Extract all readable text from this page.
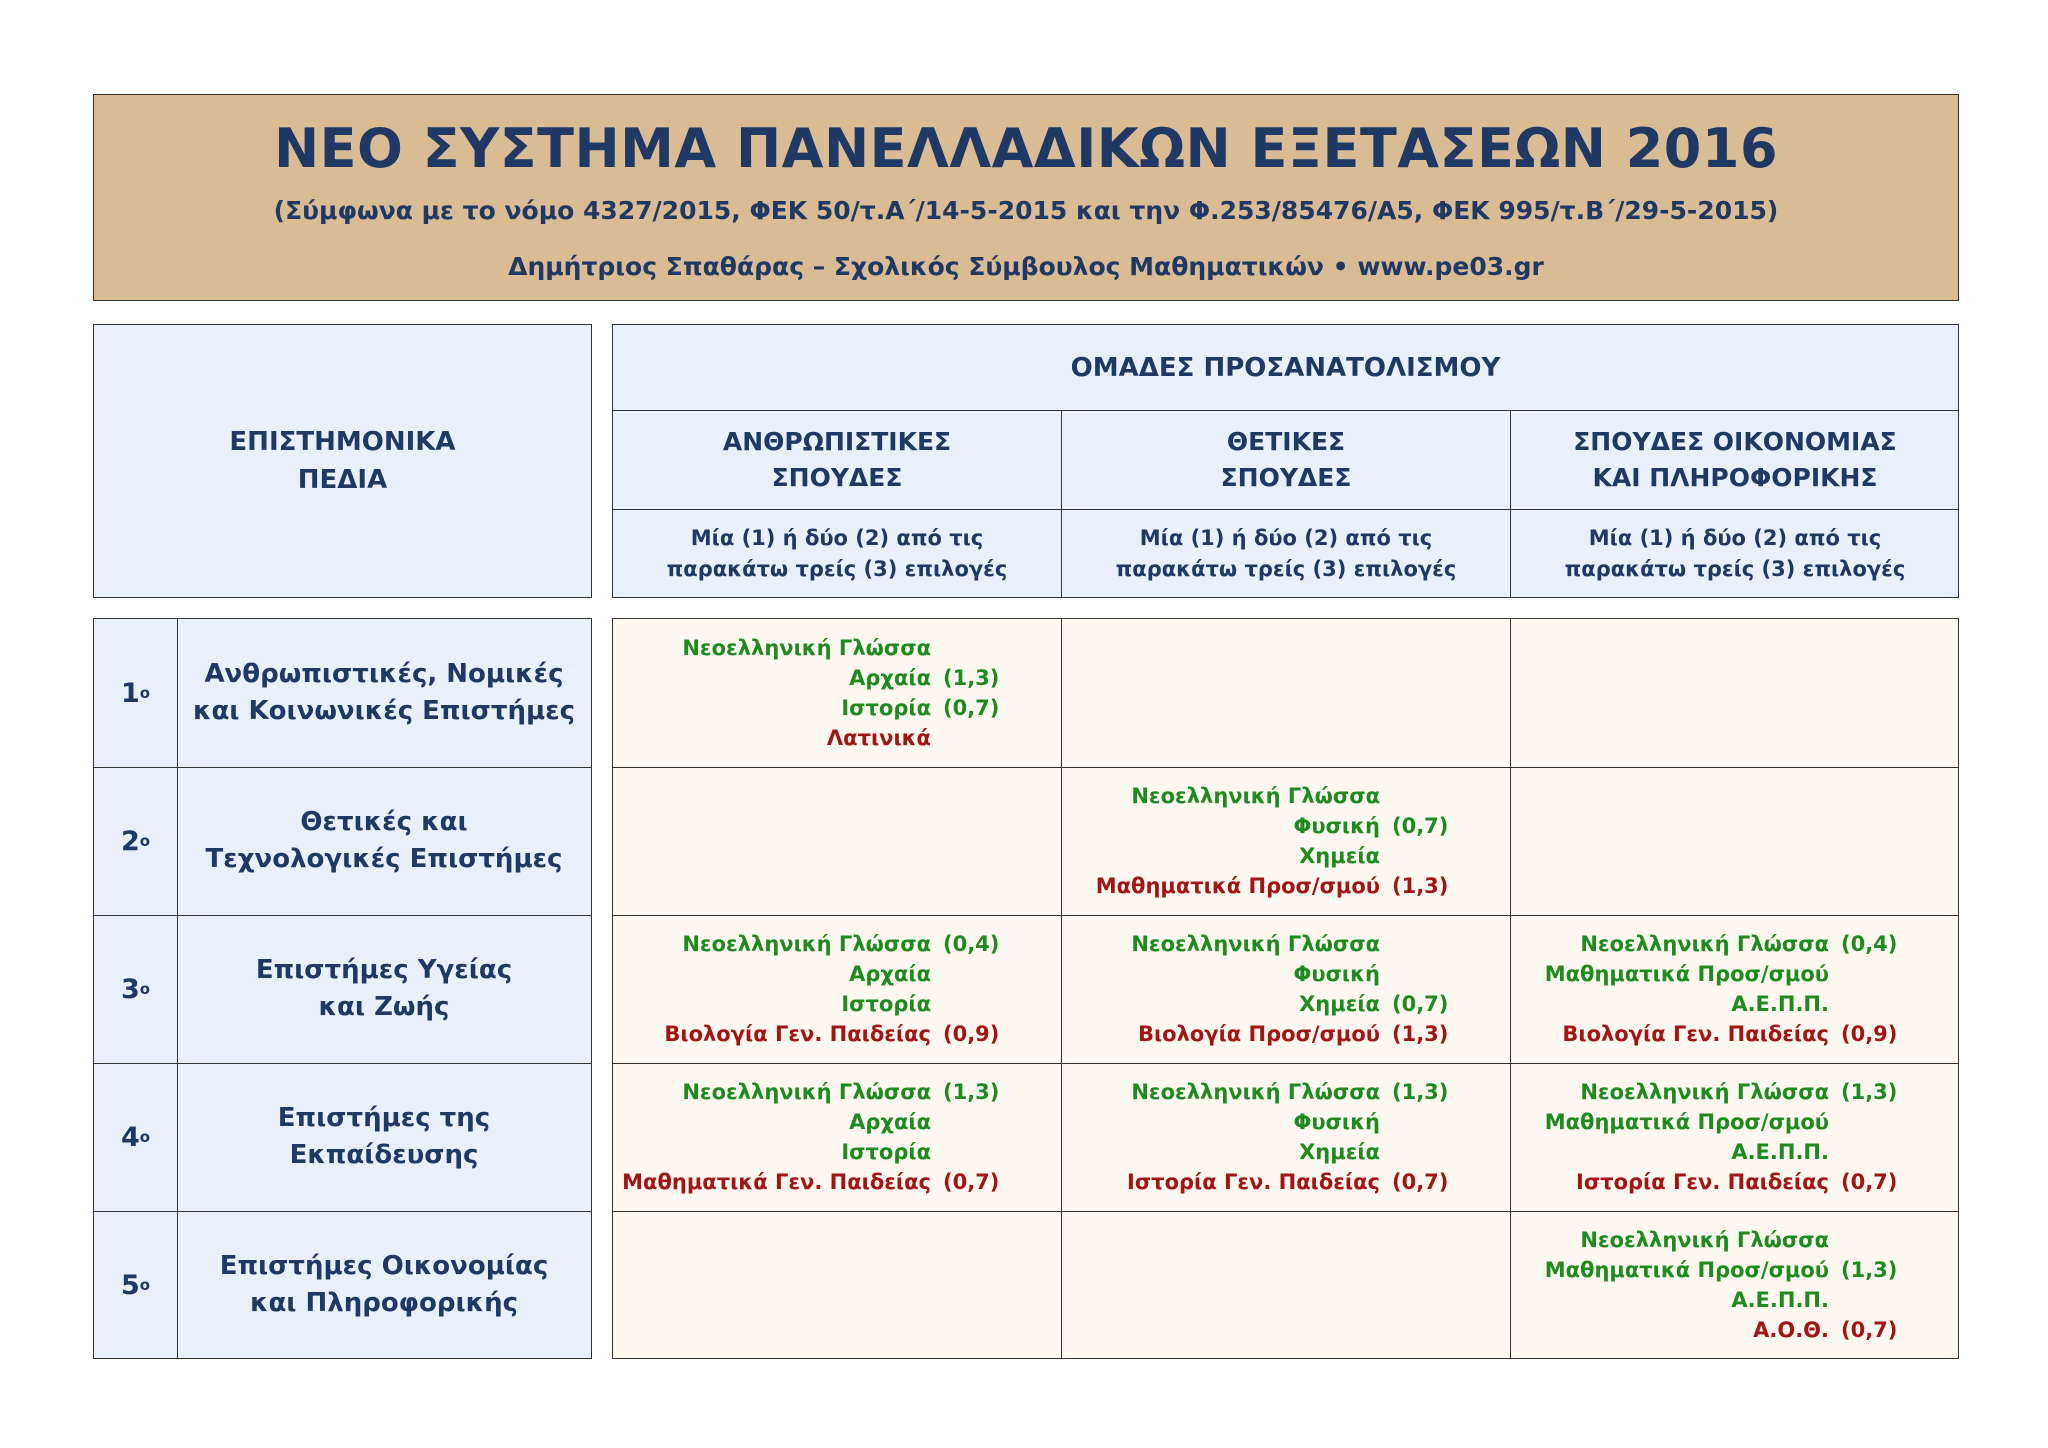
ΝΕΟ ΣΥΣΤΗΜΑ ΠΑΝΕΛΛΑΔΙΚΩΝ ΕΞΕΤΑΣΕΩΝ 2016
(Σύμφωνα με το νόμο 4327/2015, ΦΕΚ 50/τ.Α΄/14-5-2015 και την Φ.253/85476/Α5, ΦΕΚ 995/τ.Β΄/29-5-2015)
Δημήτριος Σπαθάρας – Σχολικός Σύμβουλος Μαθηματικών • www.pe03.gr
ΕΠΙΣΤΗΜΟΝΙΚΑ
ΠΕΔΙΑ
ΟΜΑΔΕΣ ΠΡΟΣΑΝΑΤΟΛΙΣΜΟΥ
ΑΝΘΡΩΠΙΣΤΙΚΕΣ
ΣΠΟΥΔΕΣ
ΘΕΤΙΚΕΣ
ΣΠΟΥΔΕΣ
ΣΠΟΥΔΕΣ ΟΙΚΟΝΟΜΙΑΣ
ΚΑΙ ΠΛΗΡΟΦΟΡΙΚΗΣ
Μία (1) ή δύο (2) από τις
παρακάτω τρείς (3) επιλογές
Μία (1) ή δύο (2) από τις
παρακάτω τρείς (3) επιλογές
Μία (1) ή δύο (2) από τις
παρακάτω τρείς (3) επιλογές
1 ο
Ανθρωπιστικές, Νομικές
και Κοινωνικές Επιστήμες
2 ο
Θετικές και
Τεχνολογικές Επιστήμες
3 ο
Επιστήμες Υγείας
και Ζωής
4 ο
Επιστήμες της
Εκπαίδευσης
5 ο
Επιστήμες Οικονομίας
και Πληροφορικής
Νεοελληνική Γλώσσα
Αρχαία (1,3)
Ιστορία (0,7)
Λατινικά
Νεοελληνική Γλώσσα
Φυσική (0,7)
Χημεία
Μαθηματικά Προσ/σμού (1,3)
Νεοελληνική Γλώσσα (0,4)
Αρχαία
Ιστορία
Βιολογία Γεν. Παιδείας (0,9)
Νεοελληνική Γλώσσα
Φυσική
Χημεία (0,7)
Βιολογία Προσ/σμού (1,3)
Νεοελληνική Γλώσσα (0,4)
Μαθηματικά Προσ/σμού
Α.Ε.Π.Π.
Βιολογία Γεν. Παιδείας (0,9)
Νεοελληνική Γλώσσα (1,3)
Αρχαία
Ιστορία
Μαθηματικά Γεν. Παιδείας (0,7)
Νεοελληνική Γλώσσα (1,3)
Φυσική
Χημεία
Ιστορία Γεν. Παιδείας (0,7)
Νεοελληνική Γλώσσα (1,3)
Μαθηματικά Προσ/σμού
Α.Ε.Π.Π.
Ιστορία Γεν. Παιδείας (0,7)
Νεοελληνική Γλώσσα
Μαθηματικά Προσ/σμού (1,3)
Α.Ε.Π.Π.
Α.Ο.Θ. (0,7)
